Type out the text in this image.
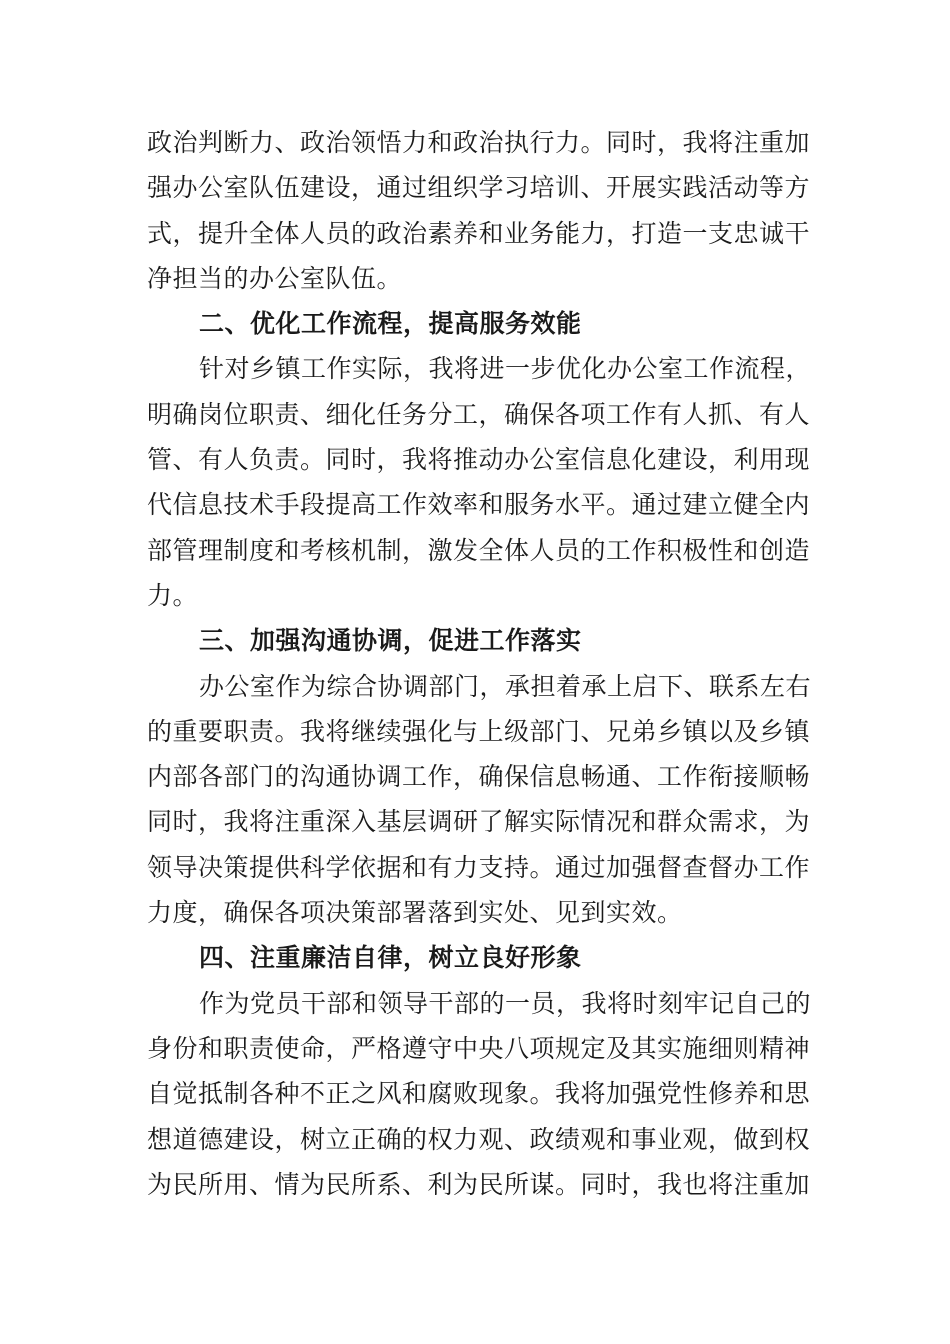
政治判断力、政治领悟力和政治执行力。同时，我将注重加
强办公室队伍建设，通过组织学习培训、开展实践活动等方
式，提升全体人员的政治素养和业务能力，打造一支忠诚干
净担当的办公室队伍。
二、优化工作流程，提高服务效能
针对乡镇工作实际，我将进一步优化办公室工作流程，
明确岗位职责、细化任务分工，确保各项工作有人抓、有人
管、有人负责。同时，我将推动办公室信息化建设，利用现
代信息技术手段提高工作效率和服务水平。通过建立健全内
部管理制度和考核机制，激发全体人员的工作积极性和创造
力。
三、加强沟通协调，促进工作落实
办公室作为综合协调部门，承担着承上启下、联系左右
的重要职责。我将继续强化与上级部门、兄弟乡镇以及乡镇
内部各部门的沟通协调工作，确保信息畅通、工作衔接顺畅
同时，我将注重深入基层调研了解实际情况和群众需求，为
领导决策提供科学依据和有力支持。通过加强督查督办工作
力度，确保各项决策部署落到实处、见到实效。
四、注重廉洁自律，树立良好形象
作为党员干部和领导干部的一员，我将时刻牢记自己的
身份和职责使命，严格遵守中央八项规定及其实施细则精神
自觉抵制各种不正之风和腐败现象。我将加强党性修养和思
想道德建设，树立正确的权力观、政绩观和事业观，做到权
为民所用、情为民所系、利为民所谋。同时，我也将注重加
